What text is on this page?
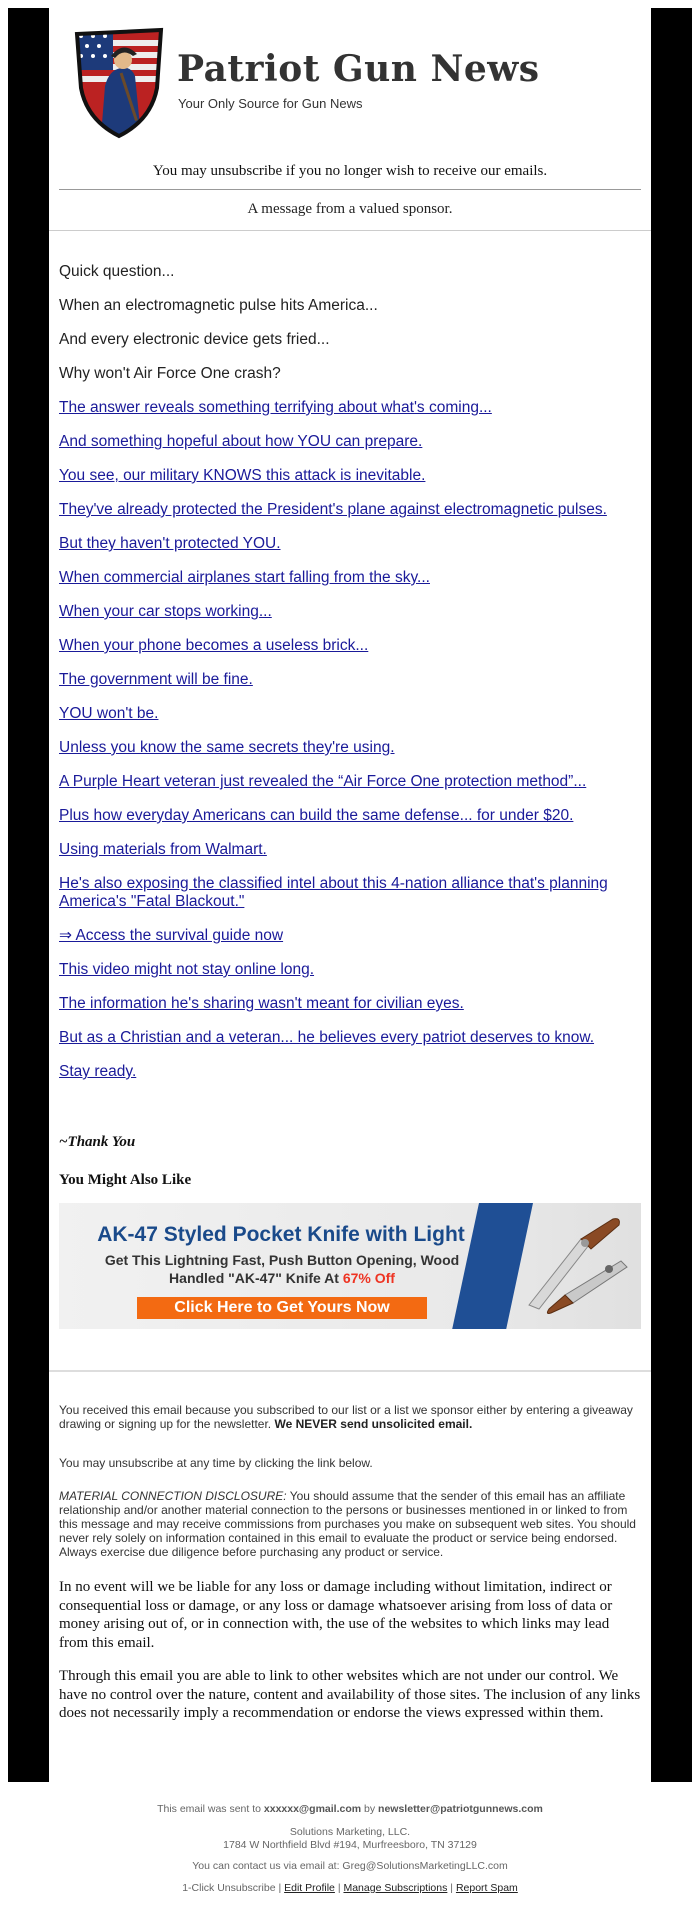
Patriot Gun News
Your Only Source for Gun News
You may unsubscribe if you no longer wish to receive our emails.
A message from a valued sponsor.
Quick question...
When an electromagnetic pulse hits America...
And every electronic device gets fried...
Why won't Air Force One crash?
The answer reveals something terrifying about what's coming...
And something hopeful about how YOU can prepare.
You see, our military KNOWS this attack is inevitable.
They've already protected the President's plane against electromagnetic pulses.
But they haven't protected YOU.
When commercial airplanes start falling from the sky...
When your car stops working...
When your phone becomes a useless brick...
The government will be fine.
YOU won't be.
Unless you know the same secrets they're using.
A Purple Heart veteran just revealed the “Air Force One protection method”...
Plus how everyday Americans can build the same defense... for under $20.
Using materials from Walmart.
He's also exposing the classified intel about this 4-nation alliance that's planning America's "Fatal Blackout."
⇒ Access the survival guide now
This video might not stay online long.
The information he's sharing wasn't meant for civilian eyes.
But as a Christian and a veteran... he believes every patriot deserves to know.
Stay ready.
~Thank You
You Might Also Like
AK-47 Styled Pocket Knife with Light
Get This Lightning Fast, Push Button Opening, Wood
Handled "AK-47" Knife At 67% Off
Click Here to Get Yours Now
You received this email because you subscribed to our list or a list we sponsor either by entering a giveaway drawing or signing up for the newsletter. We NEVER send unsolicited email.
You may unsubscribe at any time by clicking the link below.
MATERIAL CONNECTION DISCLOSURE: You should assume that the sender of this email has an affiliate relationship and/or another material connection to the persons or businesses mentioned in or linked to from this message and may receive commissions from purchases you make on subsequent web sites. You should never rely solely on information contained in this email to evaluate the product or service being endorsed. Always exercise due diligence before purchasing any product or service.
In no event will we be liable for any loss or damage including without limitation, indirect or consequential loss or damage, or any loss or damage whatsoever arising from loss of data or money arising out of, or in connection with, the use of the websites to which links may lead from this email.
Through this email you are able to link to other websites which are not under our control. We have no control over the nature, content and availability of those sites. The inclusion of any links does not necessarily imply a recommendation or endorse the views expressed within them.
This email was sent to xxxxxx@gmail.com by newsletter@patriotgunnews.com
Solutions Marketing, LLC.
1784 W Northfield Blvd #194, Murfreesboro, TN 37129
You can contact us via email at: Greg@SolutionsMarketingLLC.com
1-Click Unsubscribe | Edit Profile | Manage Subscriptions | Report Spam
